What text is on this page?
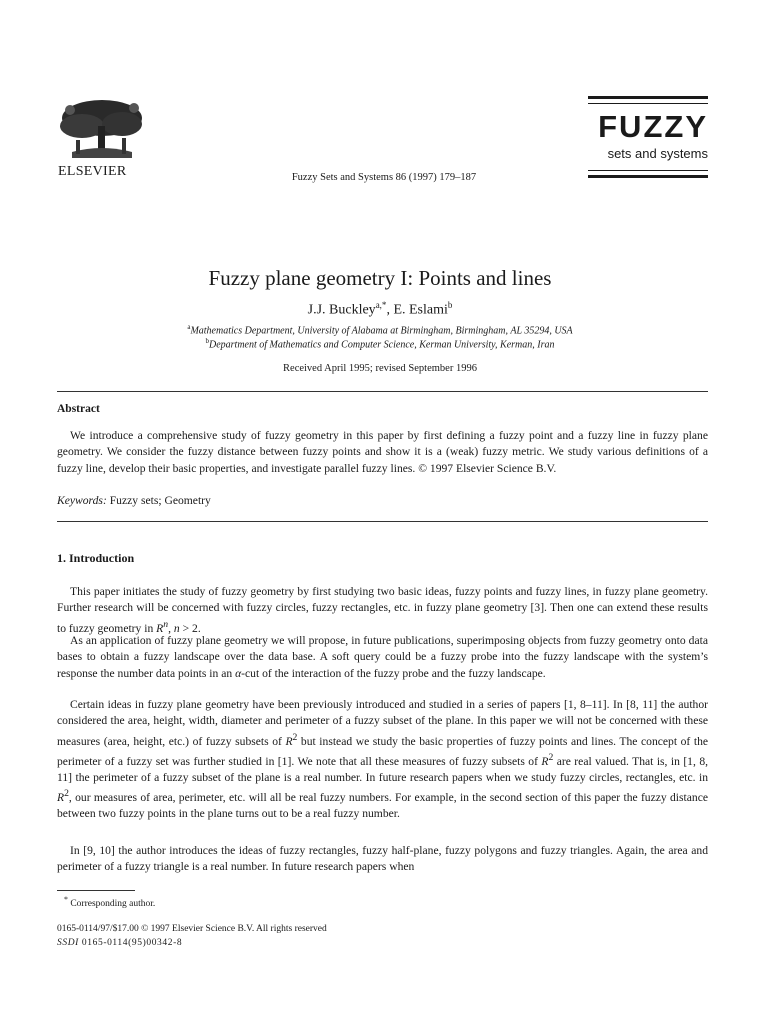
ELSEVIER	Fuzzy Sets and Systems 86 (1997) 179–187
FUZZY
sets and systems
Fuzzy plane geometry I: Points and lines
J.J. Buckley$^{a,*}$, E. Eslami$^b$
$^a$Mathematics Department, University of Alabama at Birmingham, Birmingham, AL 35294, USA
$^b$Department of Mathematics and Computer Science, Kerman University, Kerman, Iran
Received April 1995; revised September 1996
Abstract
We introduce a comprehensive study of fuzzy geometry in this paper by first defining a fuzzy point and a fuzzy line in fuzzy plane geometry. We consider the fuzzy distance between fuzzy points and show it is a (weak) fuzzy metric. We study various definitions of a fuzzy line, develop their basic properties, and investigate parallel fuzzy lines. © 1997 Elsevier Science B.V.
Keywords: Fuzzy sets; Geometry
1. Introduction
This paper initiates the study of fuzzy geometry by first studying two basic ideas, fuzzy points and fuzzy lines, in fuzzy plane geometry. Further research will be concerned with fuzzy circles, fuzzy rectangles, etc. in fuzzy plane geometry [3]. Then one can extend these results to fuzzy geometry in $R^n$, n > 2.
As an application of fuzzy plane geometry we will propose, in future publications, superimposing objects from fuzzy geometry onto data bases to obtain a fuzzy landscape over the data base. A soft query could be a fuzzy probe into the fuzzy landscape with the system’s response the number data points in an α-cut of the interaction of the fuzzy probe and the fuzzy landscape.
Certain ideas in fuzzy plane geometry have been previously introduced and studied in a series of papers [1, 8–11]. In [8, 11] the author considered the area, height, width, diameter and perimeter of a fuzzy subset of the plane. In this paper we will not be concerned with these measures (area, height, etc.) of fuzzy subsets of $R^2$ but instead we study the basic properties of fuzzy points and lines. The concept of the perimeter of a fuzzy set was further studied in [1]. We note that all these measures of fuzzy subsets of $R^2$ are real valued. That is, in [1, 8, 11] the perimeter of a fuzzy subset of the plane is a real number. In future research papers when we study fuzzy circles, rectangles, etc. in $R^2$, our measures of area, perimeter, etc. will all be real fuzzy numbers. For example, in the second section of this paper the fuzzy distance between two fuzzy points in the plane turns out to be a real fuzzy number.
In [9, 10] the author introduces the ideas of fuzzy rectangles, fuzzy half-plane, fuzzy polygons and fuzzy triangles. Again, the area and perimeter of a fuzzy triangle is a real number. In future research papers when
* Corresponding author.
0165-0114/97/$17.00 © 1997 Elsevier Science B.V. All rights reserved
SSDI 0165-0114(95)00342-8
